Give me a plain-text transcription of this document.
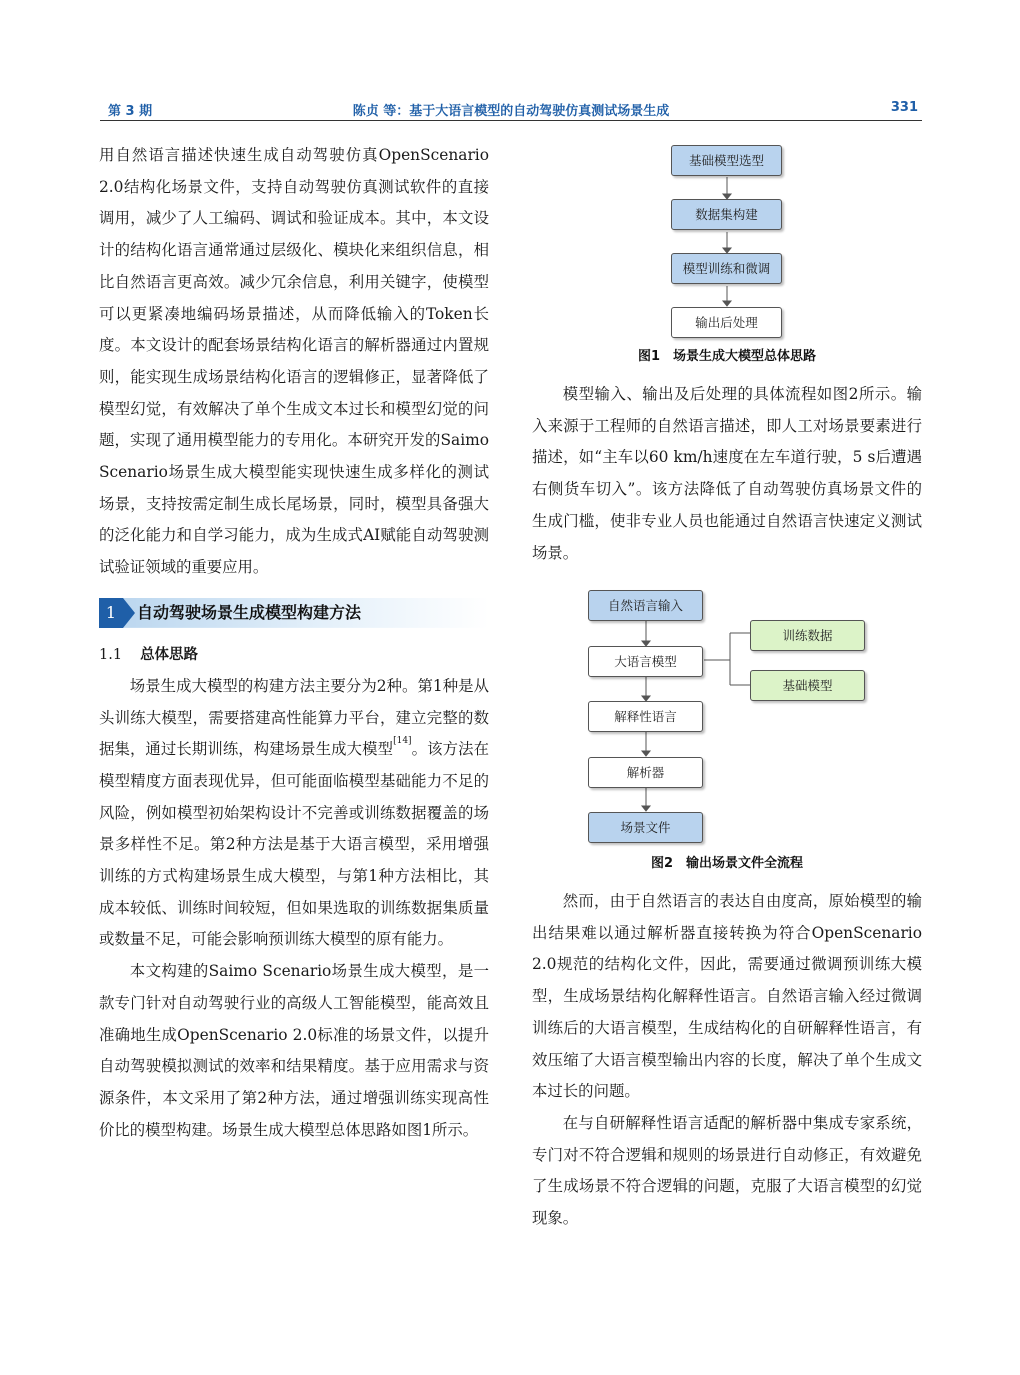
第 3 期	陈贞 等：基于大语言模型的自动驾驶仿真测试场景生成	331

用自然语言描述快速生成自动驾驶仿真OpenScenario 2.0结构化场景文件，支持自动驾驶仿真测试软件的直接调用，减少了人工编码、调试和验证成本。其中，本文设计的结构化语言通常通过层级化、模块化来组织信息，相比自然语言更高效。减少冗余信息，利用关键字，使模型可以更紧凑地编码场景描述，从而降低输入的Token长度。本文设计的配套场景结构化语言的解析器通过内置规则，能实现生成场景结构化语言的逻辑修正，显著降低了模型幻觉，有效解决了单个生成文本过长和模型幻觉的问题，实现了通用模型能力的专用化。本研究开发的Saimo Scenario场景生成大模型能实现快速生成多样化的测试场景，支持按需定制生成长尾场景，同时，模型具备强大的泛化能力和自学习能力，成为生成式AI赋能自动驾驶测试验证领域的重要应用。

1	自动驾驶场景生成模型构建方法
1.1 总体思路

场景生成大模型的构建方法主要分为2种。第1种是从头训练大模型，需要搭建高性能算力平台，建立完整的数据集，通过长期训练，构建场景生成大模型[14]。该方法在模型精度方面表现优异，但可能面临模型基础能力不足的风险，例如模型初始架构设计不完善或训练数据覆盖的场景多样性不足。第2种方法是基于大语言模型，采用增强训练的方式构建场景生成大模型，与第1种方法相比，其成本较低、训练时间较短，但如果选取的训练数据集质量或数量不足，可能会影响预训练大模型的原有能力。

本文构建的Saimo Scenario场景生成大模型，是一款专门针对自动驾驶行业的高级人工智能模型，能高效且准确地生成OpenScenario 2.0标准的场景文件，以提升自动驾驶模拟测试的效率和结果精度。基于应用需求与资源条件，本文采用了第2种方法，通过增强训练实现高性价比的模型构建。场景生成大模型总体思路如图1所示。

基础模型选型
数据集构建
模型训练和微调
输出后处理
图1　场景生成大模型总体思路

模型输入、输出及后处理的具体流程如图2所示。输入来源于工程师的自然语言描述，即人工对场景要素进行描述，如“主车以60 km/h速度在左车道行驶，5 s后遭遇右侧货车切入”。该方法降低了自动驾驶仿真场景文件的生成门槛，使非专业人员也能通过自然语言快速定义测试场景。

自然语言输入
大语言模型
训练数据
基础模型
解释性语言
解析器
场景文件
图2　输出场景文件全流程

然而，由于自然语言的表达自由度高，原始模型的输出结果难以通过解析器直接转换为符合OpenScenario 2.0规范的结构化文件，因此，需要通过微调预训练大模型，生成场景结构化解释性语言。自然语言输入经过微调训练后的大语言模型，生成结构化的自研解释性语言，有效压缩了大语言模型输出内容的长度，解决了单个生成文本过长的问题。

在与自研解释性语言适配的解析器中集成专家系统，专门对不符合逻辑和规则的场景进行自动修正，有效避免了生成场景不符合逻辑的问题，克服了大语言模型的幻觉现象。
